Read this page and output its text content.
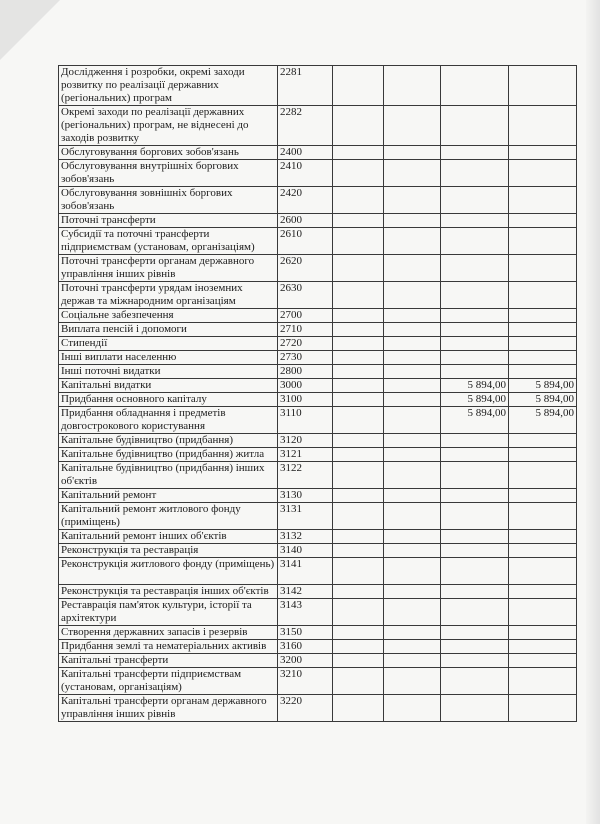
Дослідження і розробки, окремі заходи розвитку по реалізації державних (регіональних) програм	2281				
Окремі заходи по реалізації державних (регіональних) програм, не віднесені до заходів розвитку	2282				
Обслуговування боргових зобов'язань	2400				
Обслуговування внутрішніх боргових зобов'язань	2410				
Обслуговування зовнішніх боргових зобов'язань	2420				
Поточні трансферти	2600				
Субсидії та поточні трансферти підприємствам (установам, організаціям)	2610				
Поточні трансферти органам державного управління інших рівнів	2620				
Поточні трансферти урядам іноземних держав та міжнародним організаціям	2630				
Соціальне забезпечення	2700				
Виплата пенсій і допомоги	2710				
Стипендії	2720				
Інші виплати населенню	2730				
Інші поточні видатки	2800				
Капітальні видатки	3000			5 894,00	5 894,00
Придбання основного капіталу	3100			5 894,00	5 894,00
Придбання обладнання і предметів довгострокового користування	3110			5 894,00	5 894,00
Капітальне будівництво (придбання)	3120				
Капітальне будівництво (придбання) житла	3121				
Капітальне будівництво (придбання) інших об'єктів	3122				
Капітальний ремонт	3130				
Капітальний ремонт житлового фонду (приміщень)	3131				
Капітальний ремонт інших об'єктів	3132				
Реконструкція та реставрація	3140				
Реконструкція житлового фонду (приміщень)	3141				
Реконструкція та реставрація інших об'єктів	3142				
Реставрація пам'яток культури, історії та архітектури	3143				
Створення державних запасів і резервів	3150				
Придбання землі та нематеріальних активів	3160				
Капітальні трансферти	3200				
Капітальні трансферти підприємствам (установам, організаціям)	3210				
Капітальні трансферти органам державного управління інших рівнів	3220				
